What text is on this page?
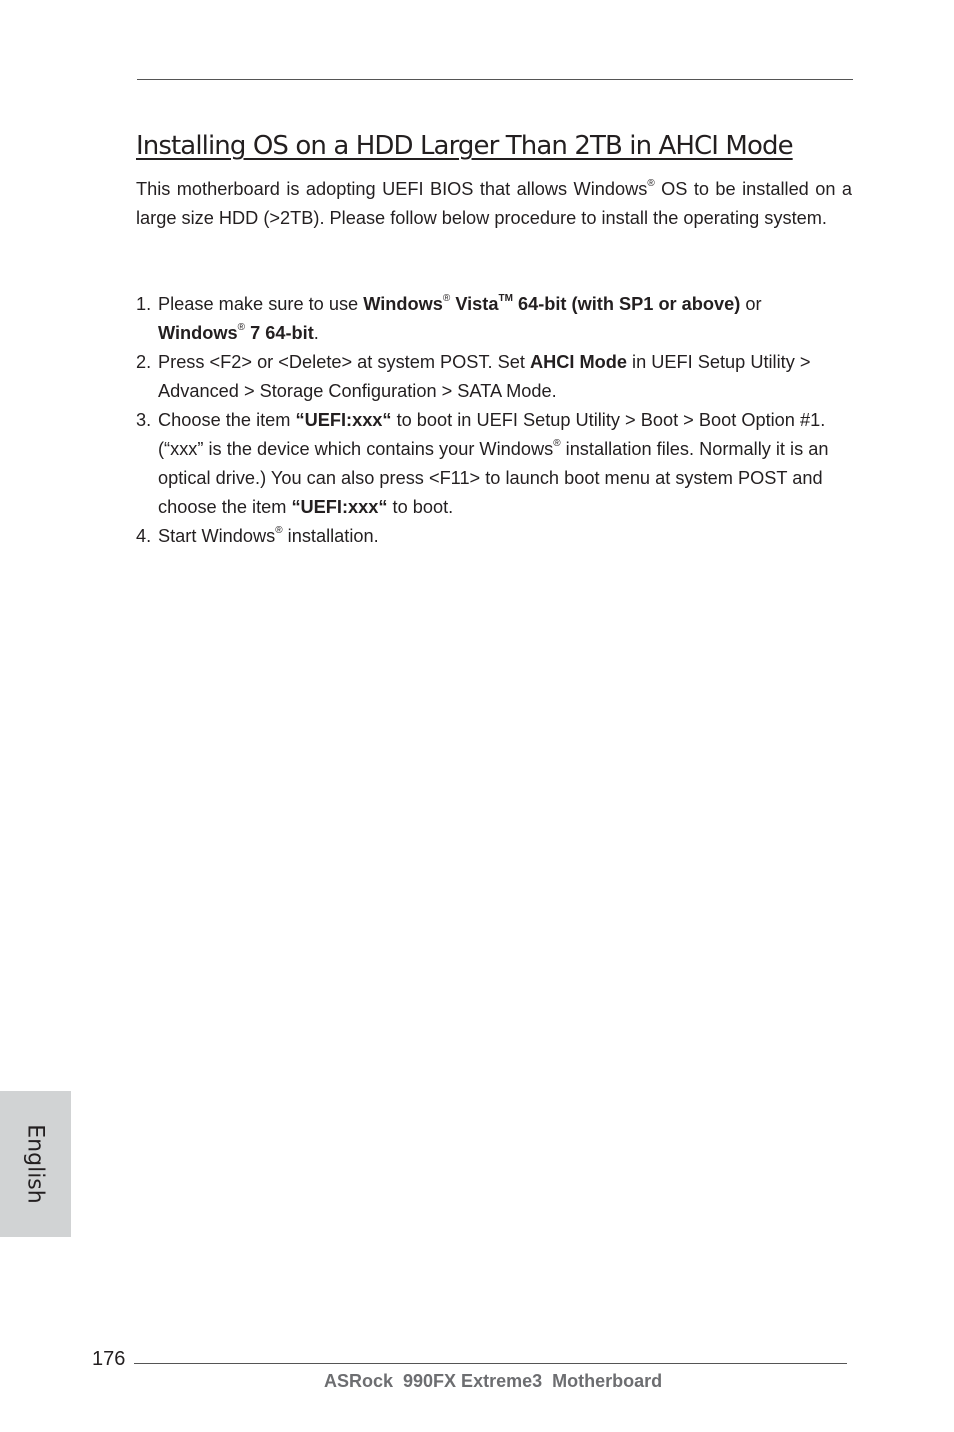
Installing OS on a HDD Larger Than 2TB in AHCI Mode

This motherboard is adopting UEFI BIOS that allows Windows® OS to be installed on a large size HDD (>2TB). Please follow below procedure to install the operating system.

1. Please make sure to use Windows® Vista™ 64-bit (with SP1 or above) or
Windows® 7 64-bit.
2. Press <F2> or <Delete> at system POST. Set AHCI Mode in UEFI Setup Utility > Advanced > Storage Configuration > SATA Mode.
3. Choose the item “UEFI:xxx“ to boot in UEFI Setup Utility > Boot > Boot Option #1. (“xxx” is the device which contains your Windows® installation files. Normally it is an optical drive.) You can also press <F11> to launch boot menu at system POST and choose the item “UEFI:xxx“ to boot.
4. Start Windows® installation.
English
176
ASRock  990FX Extreme3  Motherboard
